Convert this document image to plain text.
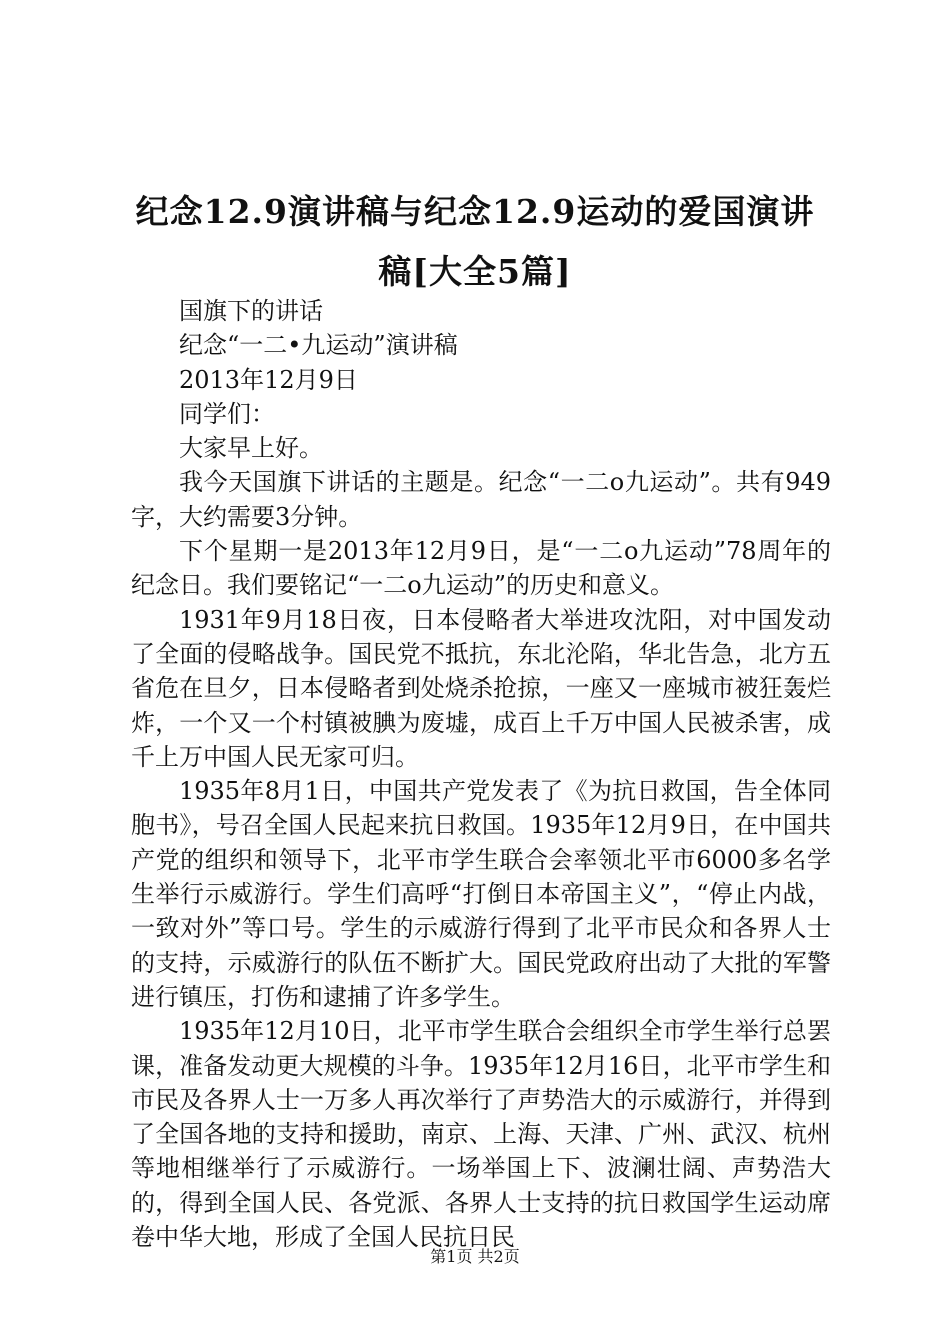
纪念12.9演讲稿与纪念12.9运动的爱国演讲稿[大全5篇]

国旗下的讲话

纪念“一二•九运动”演讲稿

2013年12月9日

同学们：

大家早上好。

我今天国旗下讲话的主题是。纪念“一二ο九运动”。共有949字，大约需要3分钟。

下个星期一是2013年12月9日，是“一二ο九运动”78周年的纪念日。我们要铭记“一二ο九运动”的历史和意义。

1931年9月18日夜，日本侵略者大举进攻沈阳，对中国发动了全面的侵略战争。国民党不抵抗，东北沦陷，华北告急，北方五省危在旦夕，日本侵略者到处烧杀抢掠，一座又一座城市被狂轰烂炸，一个又一个村镇被腆为废墟，成百上千万中国人民被杀害，成千上万中国人民无家可归。

1935年8月1日，中国共产党发表了《为抗日救国，告全体同胞书》，号召全国人民起来抗日救国。1935年12月9日，在中国共产党的组织和领导下，北平市学生联合会率领北平市6000多名学生举行示威游行。学生们高呼“打倒日本帝国主义”，“停止内战，一致对外”等口号。学生的示威游行得到了北平市民众和各界人士的支持，示威游行的队伍不断扩大。国民党政府出动了大批的军警进行镇压，打伤和逮捕了许多学生。

1935年12月10日，北平市学生联合会组织全市学生举行总罢课，准备发动更大规模的斗争。1935年12月16日，北平市学生和市民及各界人士一万多人再次举行了声势浩大的示威游行，并得到了全国各地的支持和援助，南京、上海、天津、广州、武汉、杭州等地相继举行了示威游行。一场举国上下、波澜壮阔、声势浩大的，得到全国人民、各党派、各界人士支持的抗日救国学生运动席卷中华大地，形成了全国人民抗日民

第1页 共2页
